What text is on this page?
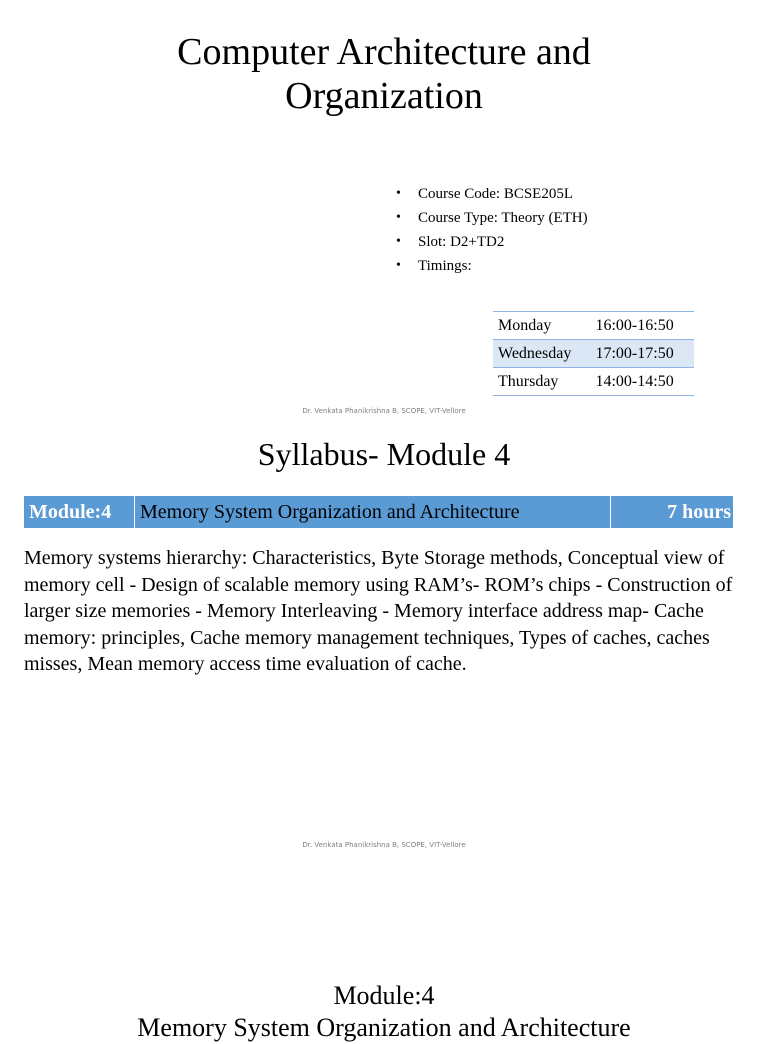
Computer Architecture and
Organization
• Course Code: BCSE205L
• Course Type: Theory (ETH)
• Slot: D2+TD2
• Timings:
Monday	16:00-16:50
Wednesday	17:00-17:50
Thursday	14:00-14:50
Dr. Venkata Phanikrishna B, SCOPE, VIT-Vellore
Syllabus- Module 4
Module:4	Memory System Organization and Architecture	7 hours

Memory systems hierarchy: Characteristics, Byte Storage methods, Conceptual view of memory cell - Design of scalable memory using RAM’s- ROM’s chips - Construction of larger size memories - Memory Interleaving - Memory interface address map- Cache memory: principles, Cache memory management techniques, Types of caches, caches misses, Mean memory access time evaluation of cache.

Dr. Venkata Phanikrishna B, SCOPE, VIT-Vellore
Module:4
Memory System Organization and Architecture
